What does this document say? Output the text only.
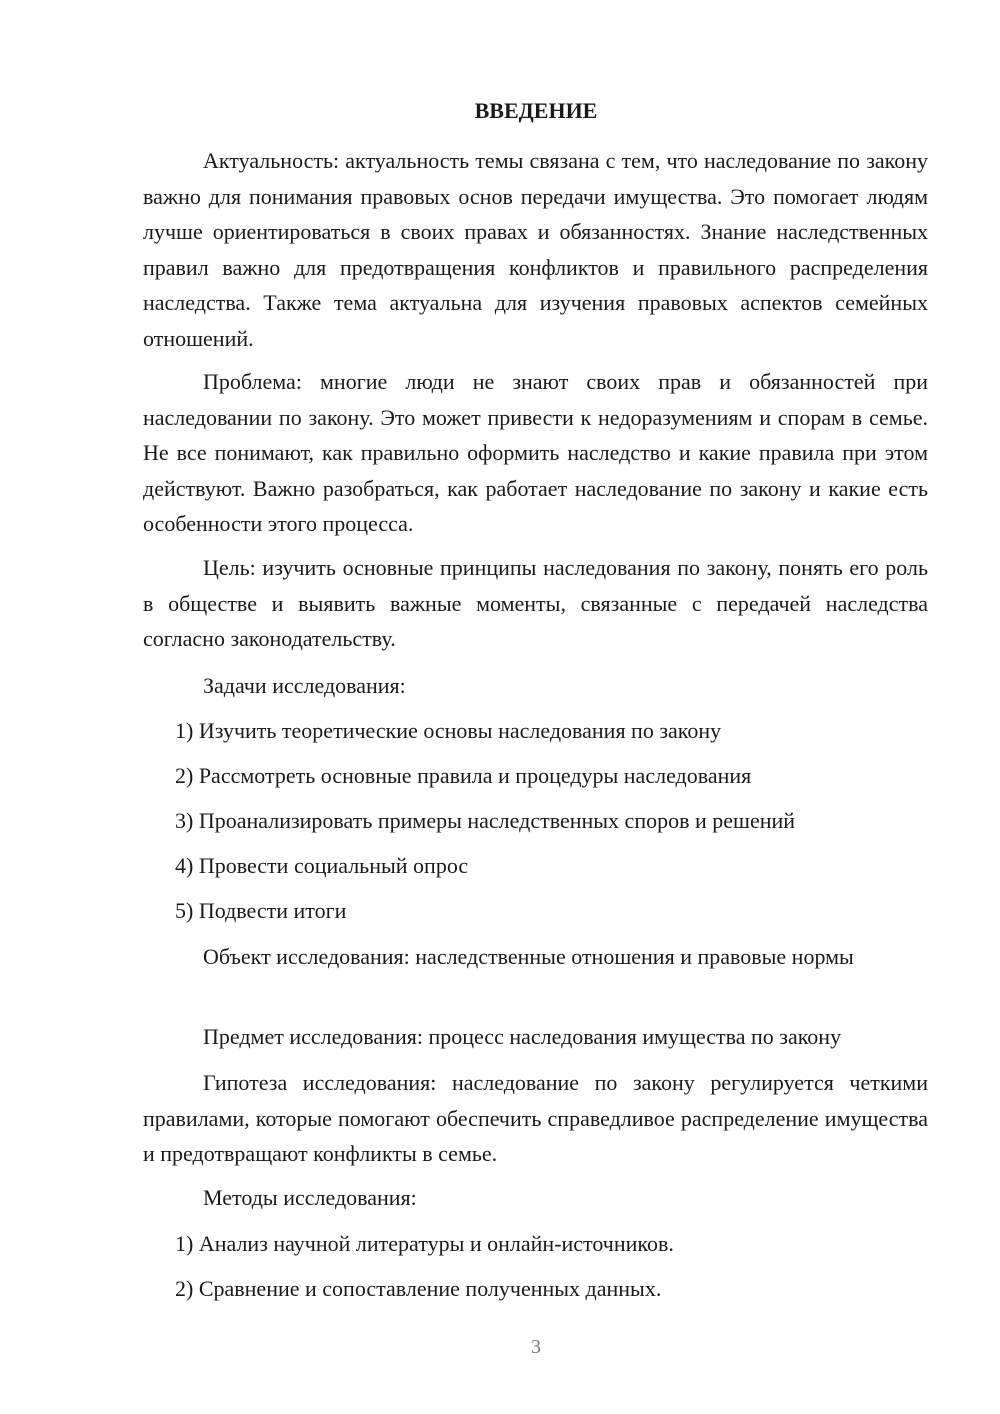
ВВЕДЕНИЕ

Актуальность: актуальность темы связана с тем, что наследование по закону важно для понимания правовых основ передачи имущества. Это помогает людям лучше ориентироваться в своих правах и обязанностях. Знание наследственных правил важно для предотвращения конфликтов и правильного распределения наследства. Также тема актуальна для изучения правовых аспектов семейных отношений.

Проблема: многие люди не знают своих прав и обязанностей при наследовании по закону. Это может привести к недоразумениям и спорам в семье. Не все понимают, как правильно оформить наследство и какие правила при этом действуют. Важно разобраться, как работает наследование по закону и какие есть особенности этого процесса.

Цель: изучить основные принципы наследования по закону, понять его роль в обществе и выявить важные моменты, связанные с передачей наследства согласно законодательству.

Задачи исследования:
1) Изучить теоретические основы наследования по закону
2) Рассмотреть основные правила и процедуры наследования
3) Проанализировать примеры наследственных споров и решений
4) Провести социальный опрос
5) Подвести итоги

Объект исследования: наследственные отношения и правовые нормы

Предмет исследования: процесс наследования имущества по закону

Гипотеза исследования: наследование по закону регулируется четкими правилами, которые помогают обеспечить справедливое распределение имущества и предотвращают конфликты в семье.

Методы исследования:
1) Анализ научной литературы и онлайн-источников.
2) Сравнение и сопоставление полученных данных.
3
